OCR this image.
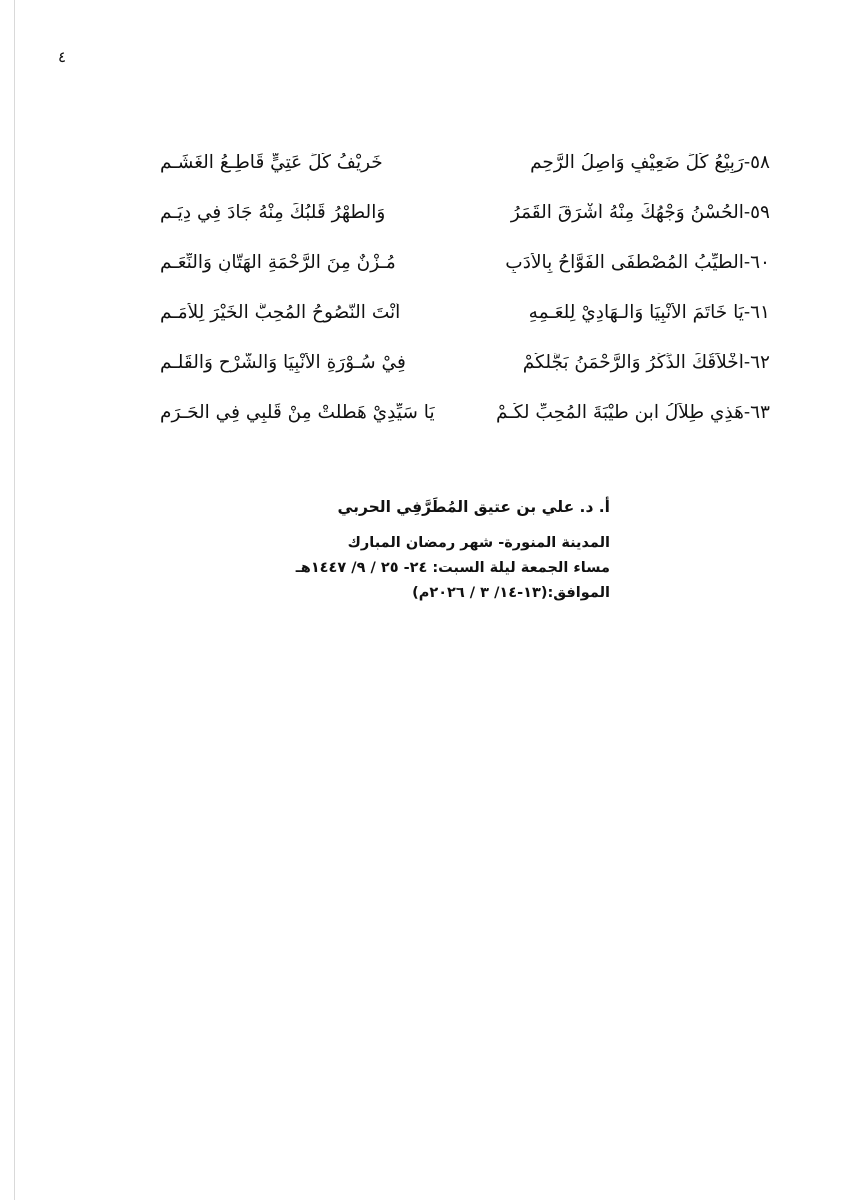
٤
٥٨-رَبِيْعُ كُلِّ ضَعِيْفٍ وَاصِلُ الرَّحِمِ
خَرِيْفُ كُلِّ عَتِيٍّ قَاطِـعُ الْغَشَـمِ
٥٩-الحُسْنُ وَجْهُكَ مِنْهُ أَشْرَقَ القَمَرُ
وَالطُّهْرُ قَلْبُكَ مِنْهُ جَادَ فِي دِيَـمِ
٦٠-الطَّيِّبُ المُصْطَفَى الْفَوَّاحُ بِالأَدَبِ
مُـزْنٌ مِنَ الرَّحْمَةِ الهَتَّانِ وَالنِّعَـمِ
٦١-يَا خَاتَمَ الأَنْبِيَا وَالـهَادِيْ لِلْعَـمِهِ
أَنْتَ النَّصُوحُ المُحِبُّ الخَيْرَ لِلأُمَـمِ
٦٢-أَخْلاَقُكَ الذِّكْرُ وَالرَّحْمَنُ بَجَّلَكُمْ
فِيْ سُـوْرَةِ الأَنْبِيَا وَالشَّرْحِ وَالقَلَـمِ
٦٣-هَذِي طِلاَلُ ابنِ طَيْبَةَ المُحِبِّ لَكُـمْ
يَا سَيِّدِيْ هَطَلَتْ مِنْ قَلْبِي فِي الحَـرَمِ
أ. د. علي بن عتيق المُطَرَّفِي الحربي
المدينة المنورة- شهر رمضان المبارك
مساء الجمعة ليلة السبت: ٢٤- ٢٥ / ٩/ ١٤٤٧هـ
الموافق:(١٣-١٤/ ٣ / ٢٠٢٦م)
